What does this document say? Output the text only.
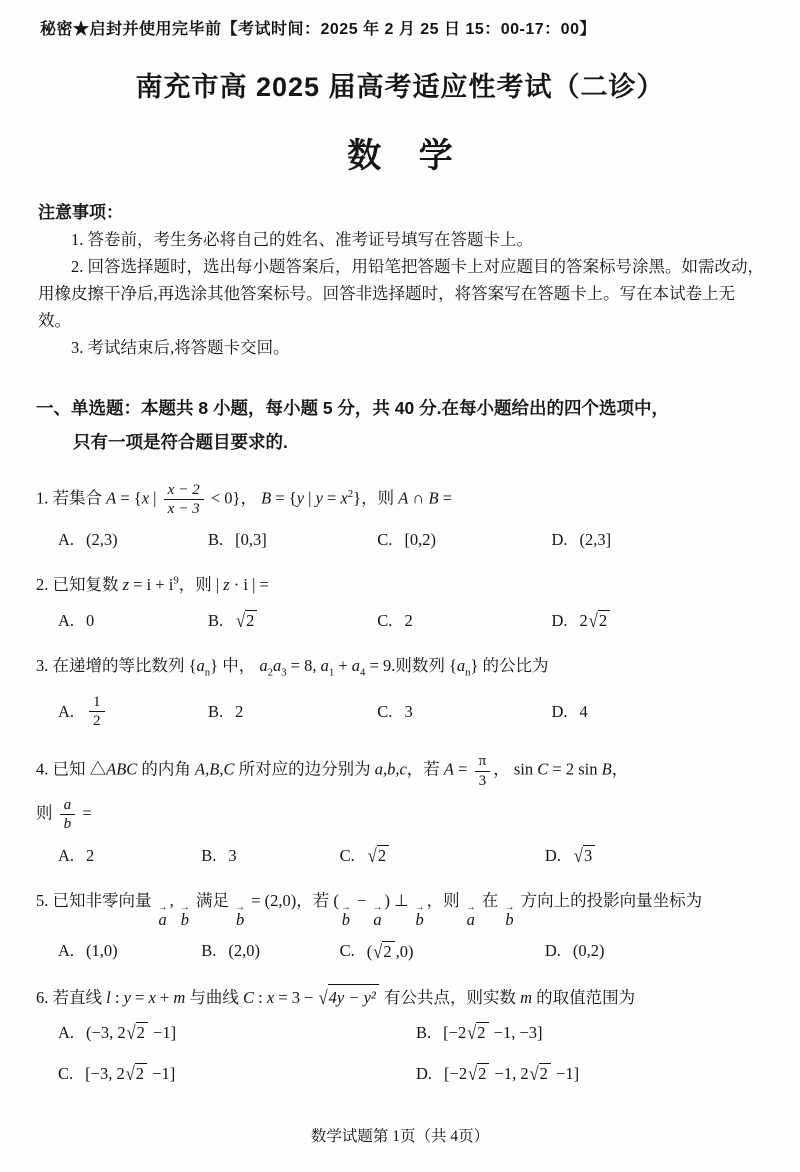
秘密★启封并使用完毕前【考试时间：2025 年 2 月 25 日 15：00-17：00】
南充市高 2025 届高考适应性考试（二诊）
数 学
注意事项：

1. 答卷前，考生务必将自己的姓名、准考证号填写在答题卡上。

2. 回答选择题时，选出每小题答案后，用铅笔把答题卡上对应题目的答案标号涂黑。如需改动，用橡皮擦干净后,再选涂其他答案标号。回答非选择题时，将答案写在答题卡上。写在本试卷上无效。

3. 考试结束后,将答题卡交回。

一、单选题：本题共 8 小题，每小题 5 分，共 40 分.在每小题给出的四个选项中，
只有一项是符合题目要求的.
1. 若集合 A = {x | $\frac{x - 2}{x - 3} < 0$}， B = {y | $y = x^2$}，则 A ∩ B =
A. (2,3)	B. [0,3]	C. [0,2)	D. (2,3]
2. 已知复数 $z = i + i^9$，则 | z · i | =
A. 0	B. √2	C. 2	D. 2√2
3. 在递增的等比数列 $\{a_n\}$ 中， $a_2a_3 = 8$, $a_1 + a_4 = 9$.则数列 $\{a_n\}$ 的公比为
A. $\frac{1}{2}$	B. 2	C. 3	D. 4
4. 已知 △ABC 的内角 A,B,C 所对应的边分别为 a,b,c，若 $A = \frac{\pi}{3}$ ， sin C = 2 sin B，
则 $\frac{a}{b}$ =
A. 2	B. 3	C. √2	D. √3
5. 已知非零向量 →
a
, →
b
满足 →
b
= (2,0)，若 ( →
b
− →
a
) ⊥ →
b
，则 →
a
在 →
b
方向上的投影向量坐标为
A. (1,0)	B. (2,0)	C. (√2 ,0)	D. (0,2)
6. 若直线 l : y = x + m 与曲线 C : x = 3 − √4y − y² 有公共点，则实数 m 的取值范围为
A. (−3, 2√2 −1]	B. [−2√2 −1, −3]
C. [−3, 2√2 −1]	D. [−2√2 −1, 2√2 −1]
数学试题第 1页（共 4页）
